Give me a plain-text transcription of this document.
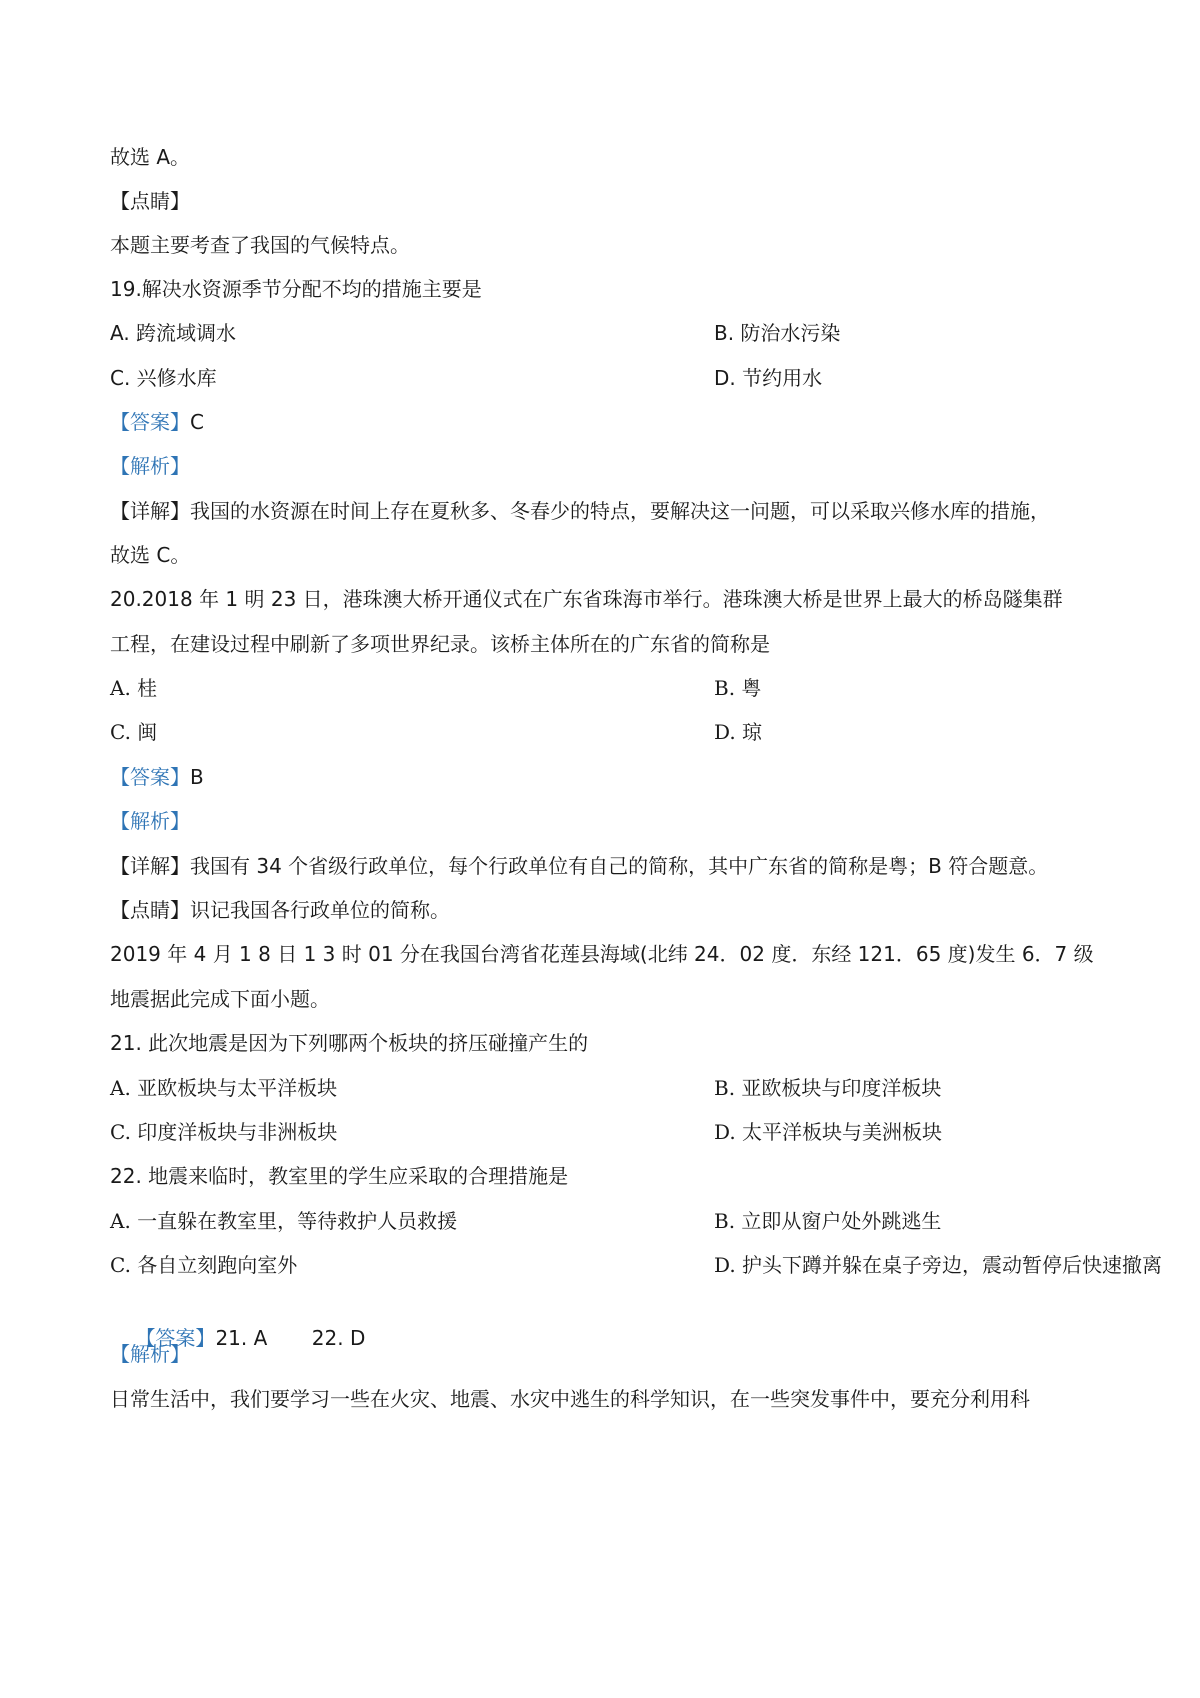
故选 A。
【点睛】
本题主要考查了我国的气候特点。
19.解决水资源季节分配不均的措施主要是
A. 跨流域调水	B. 防治水污染
C. 兴修水库	D. 节约用水
【答案】C
【解析】
【详解】我国的水资源在时间上存在夏秋多、冬春少的特点，要解决这一问题，可以采取兴修水库的措施，
故选 C。
20.2018 年 1 明 23 日，港珠澳大桥开通仪式在广东省珠海市举行。港珠澳大桥是世界上最大的桥岛隧集群
工程，在建设过程中刷新了多项世界纪录。该桥主体所在的广东省的简称是
A. 桂	B. 粤
C. 闽	D. 琼
【答案】B
【解析】
【详解】我国有 34 个省级行政单位，每个行政单位有自己的简称，其中广东省的简称是粤；B 符合题意。
【点睛】识记我国各行政单位的简称。
2019 年 4 月 1 8 日 1 3 时 01 分在我国台湾省花莲县海域(北纬 24．02 度．东经 121．65 度)发生 6．7 级
地震据此完成下面小题。
21. 此次地震是因为下列哪两个板块的挤压碰撞产生的
A. 亚欧板块与太平洋板块	B. 亚欧板块与印度洋板块
C. 印度洋板块与非洲板块	D. 太平洋板块与美洲板块
22. 地震来临时，教室里的学生应采取的合理措施是
A. 一直躲在教室里，等待救护人员救援	B. 立即从窗户处外跳逃生
C. 各自立刻跑向室外	D. 护头下蹲并躲在桌子旁边，震动暂停后快速撤离

【答案】21. A       22. D

【解析】
日常生活中，我们要学习一些在火灾、地震、水灾中逃生的科学知识，在一些突发事件中，要充分利用科
